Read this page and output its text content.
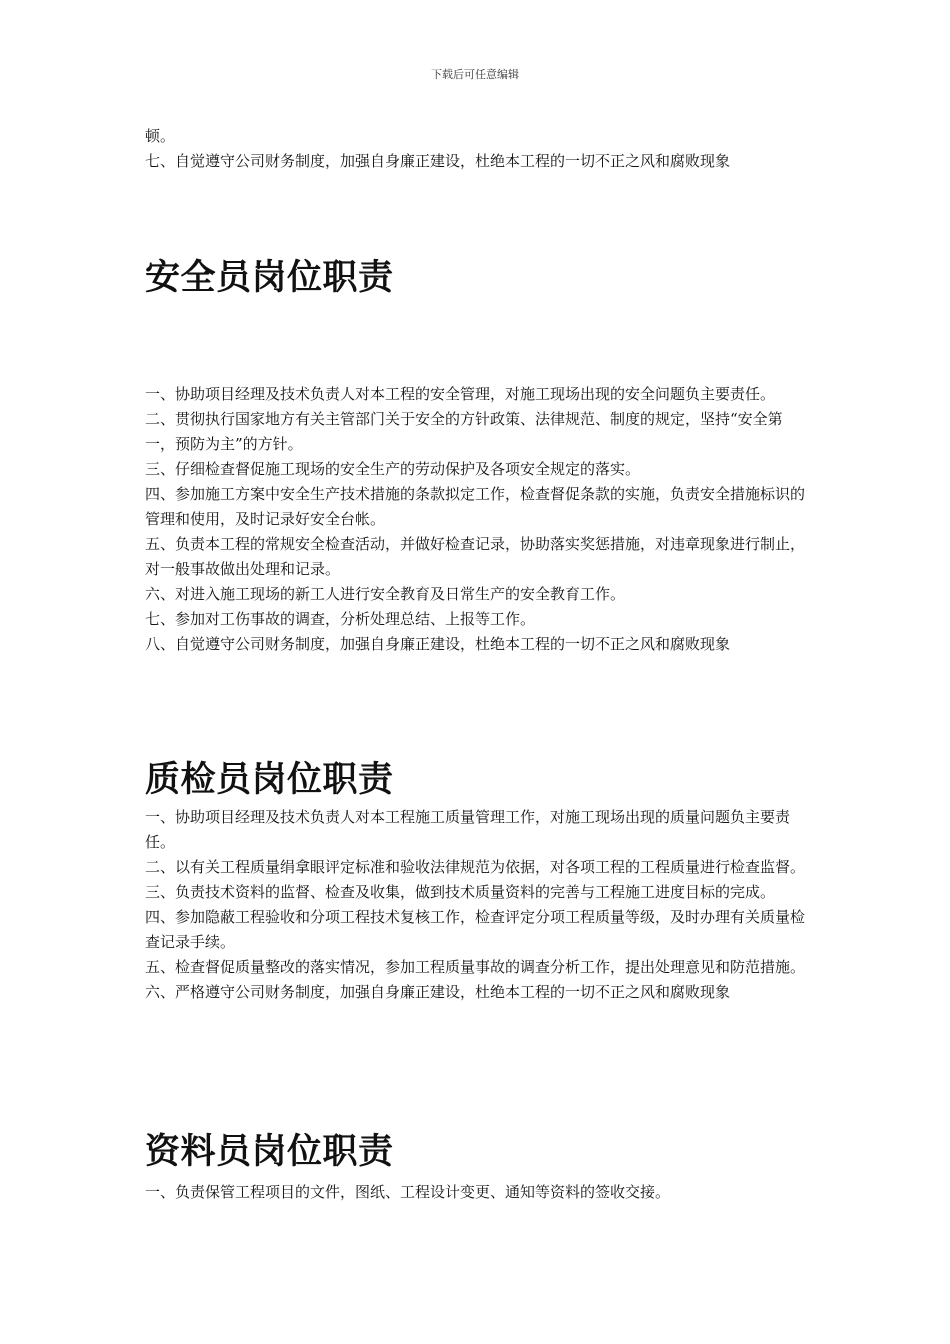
下载后可任意编辑

顿。

七、自觉遵守公司财务制度，加强自身廉正建设，杜绝本工程的一切不正之风和腐败现象

安全员岗位职责

一、协助项目经理及技术负责人对本工程的安全管理，对施工现场出现的安全问题负主要责任。

二、贯彻执行国家地方有关主管部门关于安全的方针政策、法律规范、制度的规定，坚持“安全第一，预防为主”的方针。

三、仔细检查督促施工现场的安全生产的劳动保护及各项安全规定的落实。

四、参加施工方案中安全生产技术措施的条款拟定工作，检查督促条款的实施，负责安全措施标识的管理和使用，及时记录好安全台帐。

五、负责本工程的常规安全检查活动，并做好检查记录，协助落实奖惩措施，对违章现象进行制止，对一般事故做出处理和记录。

六、对进入施工现场的新工人进行安全教育及日常生产的安全教育工作。

七、参加对工伤事故的调查，分析处理总结、上报等工作。

八、自觉遵守公司财务制度，加强自身廉正建设，杜绝本工程的一切不正之风和腐败现象

质检员岗位职责

一、协助项目经理及技术负责人对本工程施工质量管理工作，对施工现场出现的质量问题负主要责任。

二、以有关工程质量绢拿眼评定标准和验收法律规范为依据，对各项工程的工程质量进行检查监督。

三、负责技术资料的监督、检查及收集，做到技术质量资料的完善与工程施工进度目标的完成。

四、参加隐蔽工程验收和分项工程技术复核工作，检查评定分项工程质量等级，及时办理有关质量检查记录手续。

五、检查督促质量整改的落实情况，参加工程质量事故的调查分析工作，提出处理意见和防范措施。

六、严格遵守公司财务制度，加强自身廉正建设，杜绝本工程的一切不正之风和腐败现象

资料员岗位职责

一、负责保管工程项目的文件，图纸、工程设计变更、通知等资料的签收交接。
